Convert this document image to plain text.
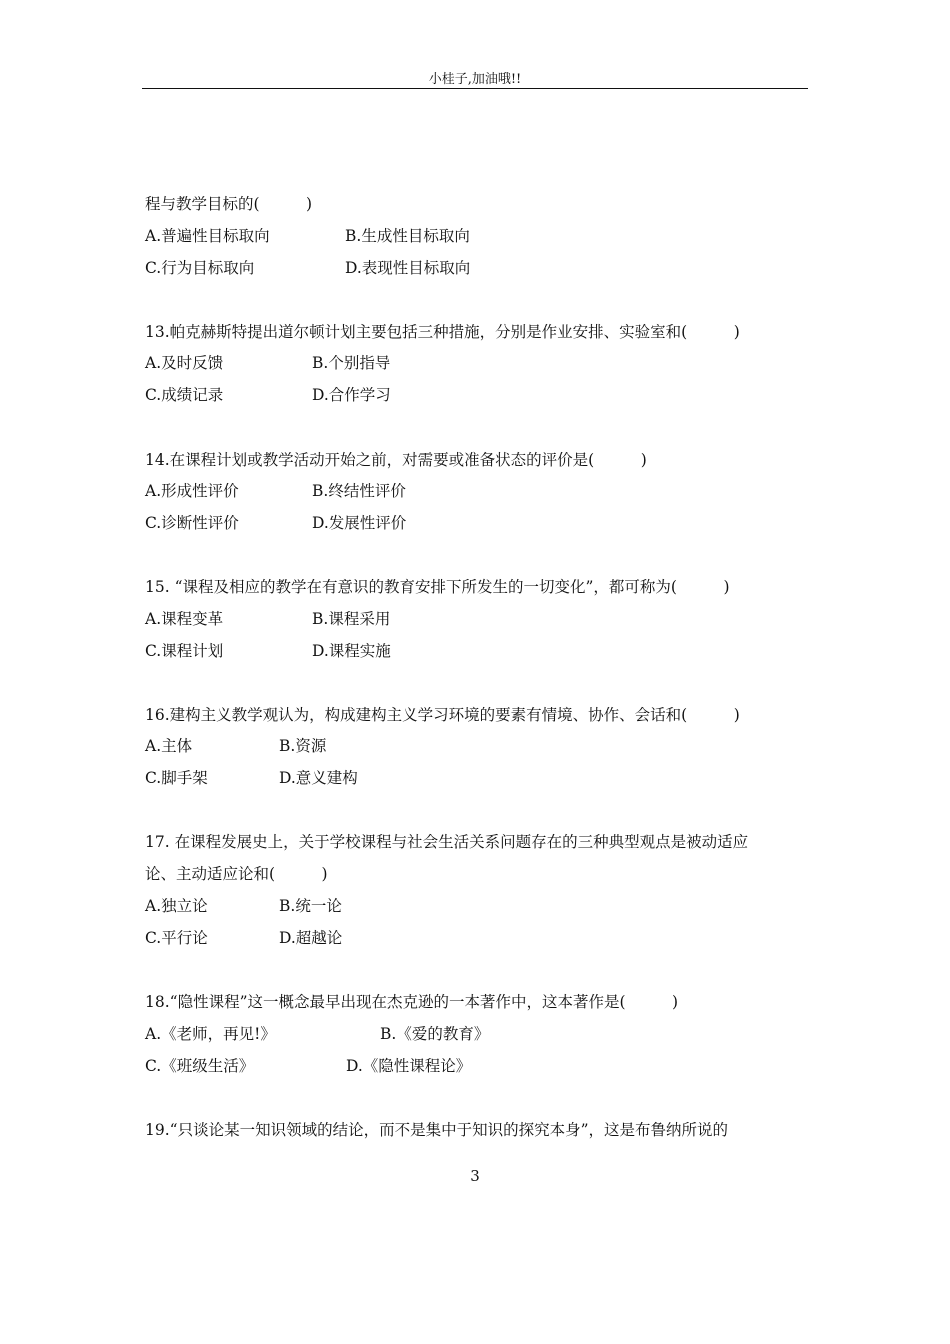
小桂子,加油哦!!
程与教学目标的(　　　)
A.普遍性目标取向	B.生成性目标取向
C.行为目标取向	D.表现性目标取向
13.帕克赫斯特提出道尔顿计划主要包括三种措施，分别是作业安排、实验室和(　　　)
A.及时反馈	B.个别指导
C.成绩记录	D.合作学习
14.在课程计划或教学活动开始之前，对需要或准备状态的评价是(　　　)
A.形成性评价	B.终结性评价
C.诊断性评价	D.发展性评价
15. “课程及相应的教学在有意识的教育安排下所发生的一切变化”，都可称为(　　　)
A.课程变革	B.课程采用
C.课程计划	D.课程实施
16.建构主义教学观认为，构成建构主义学习环境的要素有情境、协作、会话和(　　　)
A.主体	B.资源
C.脚手架	D.意义建构
17. 在课程发展史上，关于学校课程与社会生活关系问题存在的三种典型观点是被动适应
论、主动适应论和(　　　)
A.独立论	B.统一论
C.平行论	D.超越论
18.“隐性课程”这一概念最早出现在杰克逊的一本著作中，这本著作是(　　　)
A.《老师，再见!》	B.《爱的教育》
C.《班级生活》	D.《隐性课程论》
19.“只谈论某一知识领域的结论，而不是集中于知识的探究本身”，这是布鲁纳所说的
3
